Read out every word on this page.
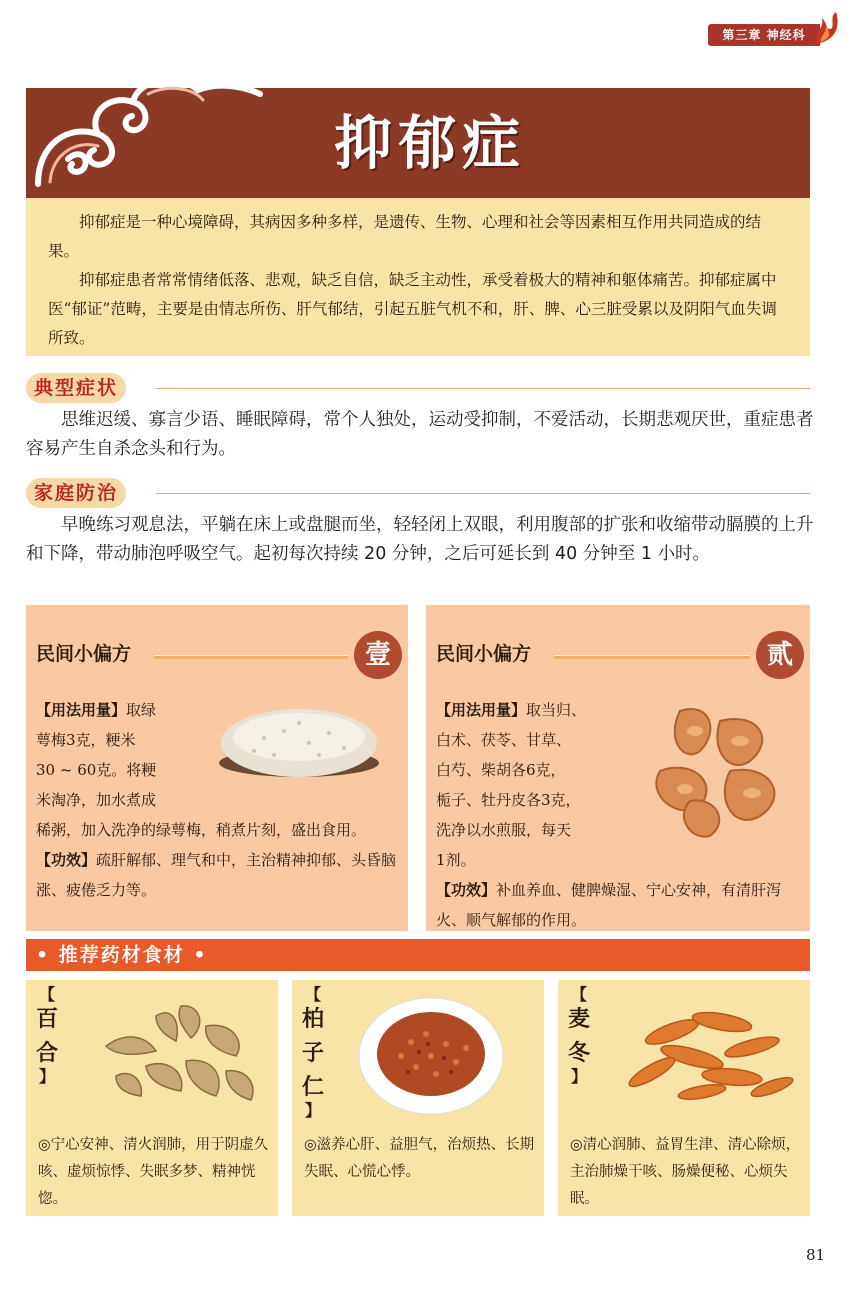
第三章 神经科
抑郁症

抑郁症是一种心境障碍，其病因多种多样，是遗传、生物、心理和社会等因素相互作用共同造成的结果。

抑郁症患者常常情绪低落、悲观，缺乏自信，缺乏主动性，承受着极大的精神和躯体痛苦。抑郁症属中医“郁证”范畴，主要是由情志所伤、肝气郁结，引起五脏气机不和，肝、脾、心三脏受累以及阴阳气血失调所致。

典型症状

思维迟缓、寡言少语、睡眠障碍，常个人独处，运动受抑制，不爱活动，长期悲观厌世，重症患者容易产生自杀念头和行为。

家庭防治

早晚练习观息法，平躺在床上或盘腿而坐，轻轻闭上双眼，利用腹部的扩张和收缩带动膈膜的上升和下降，带动肺泡呼吸空气。起初每次持续 20 分钟，之后可延长到 40 分钟至 1 小时。

民间小偏方	壹
【用法用量】取绿
萼梅3克，粳米
30 ~ 60克。将粳
米淘净，加水煮成
稀粥，加入洗净的绿萼梅，稍煮片刻，盛出食用。
【功效】疏肝解郁、理气和中，主治精神抑郁、头昏脑涨、疲倦乏力等。
民间小偏方	贰
【用法用量】取当归、
白术、茯苓、甘草、
白芍、柴胡各6克，
栀子、牡丹皮各3克，
洗净以水煎服，每天
1剂。
【功效】补血养血、健脾燥湿、宁心安神，有清肝泻火、顺气解郁的作用。
• 推荐药材食材 •
【
百
合
】

◎宁心安神、清火润肺，用于阴虚久咳、虚烦惊悸、失眠多梦、精神恍惚。

【
柏
子
仁
】

◎滋养心肝、益胆气，治烦热、长期失眠、心慌心悸。

【
麦
冬
】

◎清心润肺、益胃生津、清心除烦，主治肺燥干咳、肠燥便秘、心烦失眠。

81
